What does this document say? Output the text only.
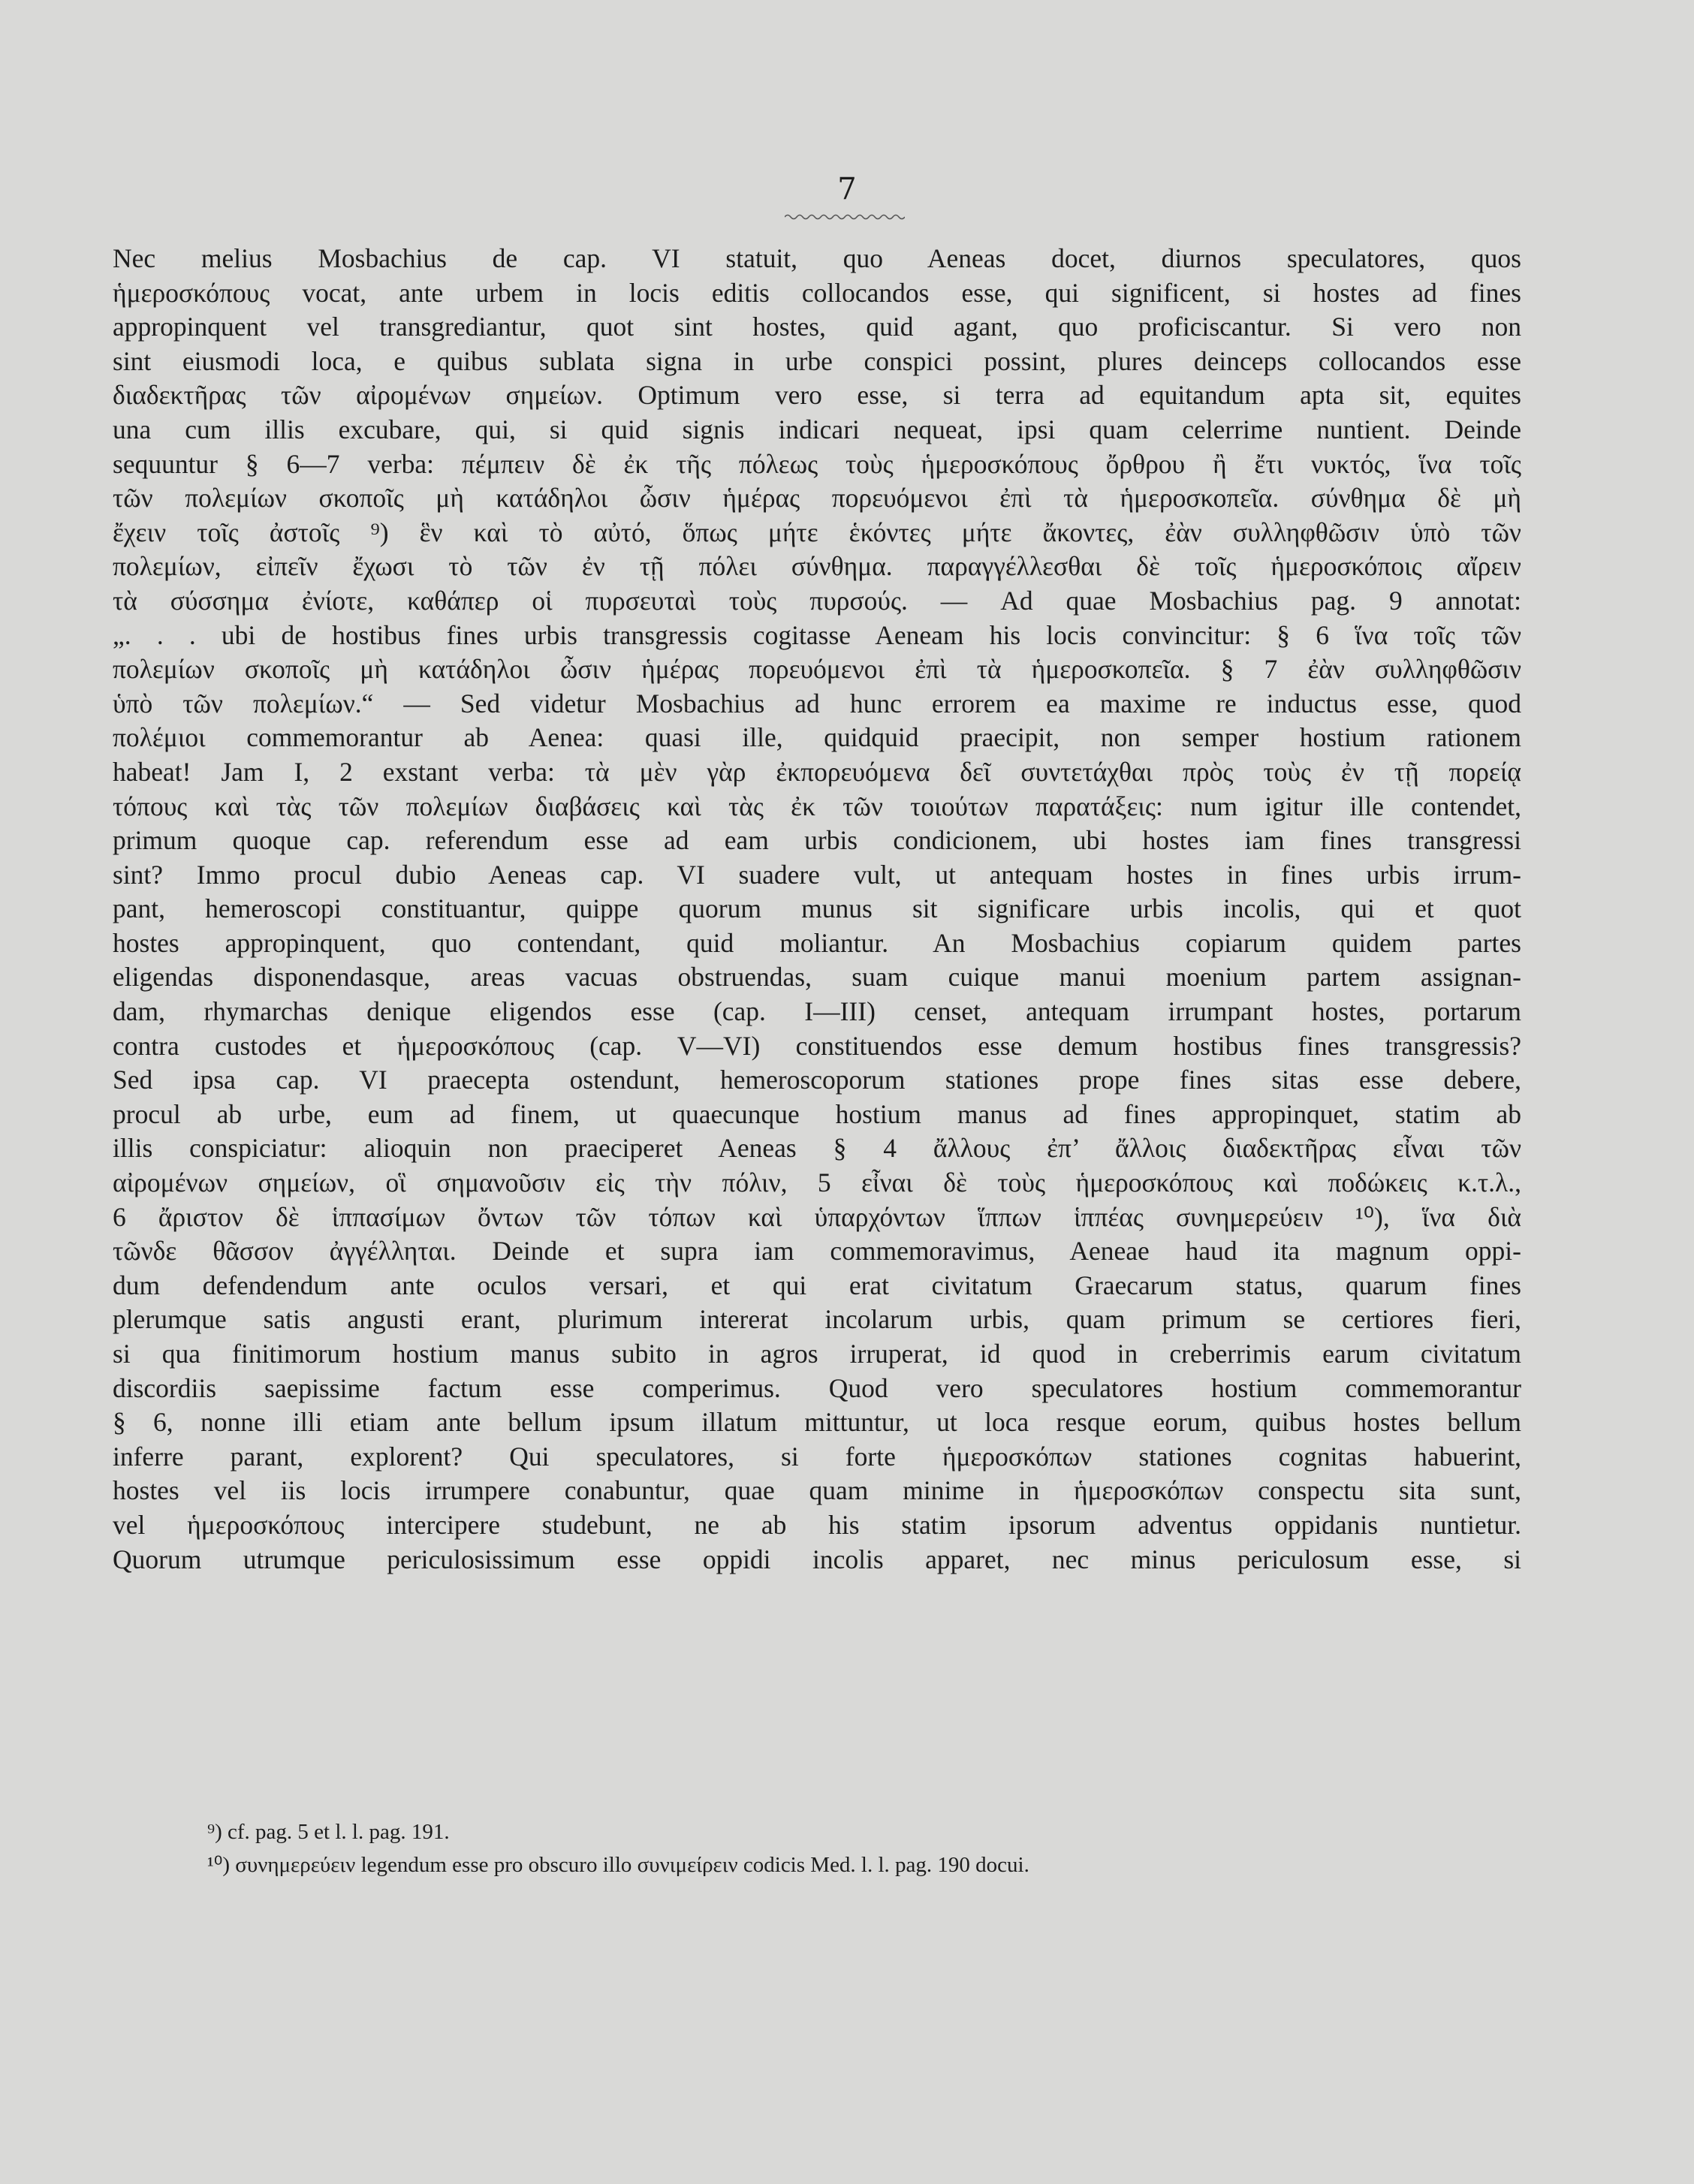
7
Nec melius Mosbachius de cap. VI statuit, quo Aeneas docet, diurnos speculatores, quos
ἡμεροσκόπους vocat, ante urbem in locis editis collocandos esse, qui significent, si hostes ad fines
appropinquent vel transgrediantur, quot sint hostes, quid agant, quo proficiscantur. Si vero non
sint eiusmodi loca, e quibus sublata signa in urbe conspici possint, plures deinceps collocandos esse
διαδεκτῆρας τῶν αἰρομένων σημείων. Optimum vero esse, si terra ad equitandum apta sit, equites
una cum illis excubare, qui, si quid signis indicari nequeat, ipsi quam celerrime nuntient. Deinde
sequuntur § 6—7 verba: πέμπειν δὲ ἐκ τῆς πόλεως τοὺς ἡμεροσκόπους ὄρθρου ἢ ἔτι νυκτός, ἵνα τοῖς
τῶν πολεμίων σκοποῖς μὴ κατάδηλοι ὦσιν ἡμέρας πορευόμενοι ἐπὶ τὰ ἡμεροσκοπεῖα. σύνθημα δὲ μὴ
ἔχειν τοῖς ἀστοῖς ⁹) ἓν καὶ τὸ αὐτό, ὅπως μήτε ἑκόντες μήτε ἄκοντες, ἐὰν συλληφθῶσιν ὑπὸ τῶν
πολεμίων, εἰπεῖν ἔχωσι τὸ τῶν ἐν τῇ πόλει σύνθημα. παραγγέλλεσθαι δὲ τοῖς ἡμεροσκόποις αἴρειν
τὰ σύσσημα ἐνίοτε, καθάπερ οἱ πυρσευταὶ τοὺς πυρσούς. — Ad quae Mosbachius pag. 9 annotat:
„. . . ubi de hostibus fines urbis transgressis cogitasse Aeneam his locis convincitur: § 6 ἵνα τοῖς τῶν
πολεμίων σκοποῖς μὴ κατάδηλοι ὦσιν ἡμέρας πορευόμενοι ἐπὶ τὰ ἡμεροσκοπεῖα. § 7 ἐὰν συλληφθῶσιν
ὑπὸ τῶν πολεμίων.“ — Sed videtur Mosbachius ad hunc errorem ea maxime re inductus esse, quod
πολέμιοι commemorantur ab Aenea: quasi ille, quidquid praecipit, non semper hostium rationem
habeat! Jam I, 2 exstant verba: τὰ μὲν γὰρ ἐκπορευόμενα δεῖ συντετάχθαι πρὸς τοὺς ἐν τῇ πορείᾳ
τόπους καὶ τὰς τῶν πολεμίων διαβάσεις καὶ τὰς ἐκ τῶν τοιούτων παρατάξεις: num igitur ille contendet,
primum quoque cap. referendum esse ad eam urbis condicionem, ubi hostes iam fines transgressi
sint? Immo procul dubio Aeneas cap. VI suadere vult, ut antequam hostes in fines urbis irrum-
pant, hemeroscopi constituantur, quippe quorum munus sit significare urbis incolis, qui et quot
hostes appropinquent, quo contendant, quid moliantur. An Mosbachius copiarum quidem partes
eligendas disponendasque, areas vacuas obstruendas, suam cuique manui moenium partem assignan-
dam, rhymarchas denique eligendos esse (cap. I—III) censet, antequam irrumpant hostes, portarum
contra custodes et ἡμεροσκόπους (cap. V—VI) constituendos esse demum hostibus fines transgressis?
Sed ipsa cap. VI praecepta ostendunt, hemeroscoporum stationes prope fines sitas esse debere,
procul ab urbe, eum ad finem, ut quaecunque hostium manus ad fines appropinquet, statim ab
illis conspiciatur: alioquin non praeciperet Aeneas § 4 ἄλλους ἐπ’ ἄλλοις διαδεκτῆρας εἶναι τῶν
αἰρομένων σημείων, οἳ σημανοῦσιν εἰς τὴν πόλιν, 5 εἶναι δὲ τοὺς ἡμεροσκόπους καὶ ποδώκεις κ.τ.λ.,
6 ἄριστον δὲ ἱππασίμων ὄντων τῶν τόπων καὶ ὑπαρχόντων ἵππων ἱππέας συνημερεύειν ¹⁰), ἵνα διὰ
τῶνδε θᾶσσον ἀγγέλληται. Deinde et supra iam commemoravimus, Aeneae haud ita magnum oppi-
dum defendendum ante oculos versari, et qui erat civitatum Graecarum status, quarum fines
plerumque satis angusti erant, plurimum intererat incolarum urbis, quam primum se certiores fieri,
si qua finitimorum hostium manus subito in agros irruperat, id quod in creberrimis earum civitatum
discordiis saepissime factum esse comperimus. Quod vero speculatores hostium commemorantur
§ 6, nonne illi etiam ante bellum ipsum illatum mittuntur, ut loca resque eorum, quibus hostes bellum
inferre parant, explorent? Qui speculatores, si forte ἡμεροσκόπων stationes cognitas habuerint,
hostes vel iis locis irrumpere conabuntur, quae quam minime in ἡμεροσκόπων conspectu sita sunt,
vel ἡμεροσκόπους intercipere studebunt, ne ab his statim ipsorum adventus oppidanis nuntietur.
Quorum utrumque periculosissimum esse oppidi incolis apparet, nec minus periculosum esse, si
⁹) cf. pag. 5 et l. l. pag. 191.
¹⁰) συνημερεύειν legendum esse pro obscuro illo συνιμείρειν codicis Med. l. l. pag. 190 docui.
